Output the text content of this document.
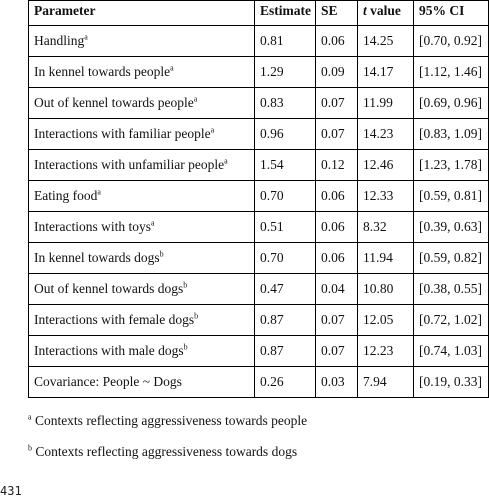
Parameter	Estimate	SE	t value	95% CI
Handling$^a$	0.81	0.06	14.25	[0.70, 0.92]
In kennel towards people$^a$	1.29	0.09	14.17	[1.12, 1.46]
Out of kennel towards people$^a$	0.83	0.07	11.99	[0.69, 0.96]
Interactions with familiar people$^a$	0.96	0.07	14.23	[0.83, 1.09]
Interactions with unfamiliar people$^a$	1.54	0.12	12.46	[1.23, 1.78]
Eating food$^a$	0.70	0.06	12.33	[0.59, 0.81]
Interactions with toys$^a$	0.51	0.06	8.32	[0.39, 0.63]
In kennel towards dogs$^b$	0.70	0.06	11.94	[0.59, 0.82]
Out of kennel towards dogs$^b$	0.47	0.04	10.80	[0.38, 0.55]
Interactions with female dogs$^b$	0.87	0.07	12.05	[0.72, 1.02]
Interactions with male dogs$^b$	0.87	0.07	12.23	[0.74, 1.03]
Covariance: People ~ Dogs	0.26	0.03	7.94	[0.19, 0.33]
$^a$ Contexts reflecting aggressiveness towards people
$^b$ Contexts reflecting aggressiveness towards dogs
431
